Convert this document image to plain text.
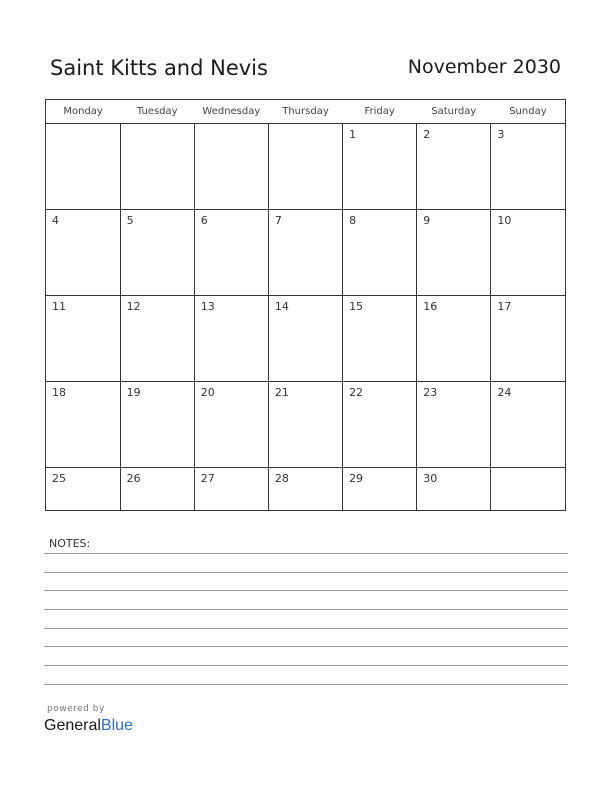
Saint Kitts and Nevis	November 2030
Monday	Tuesday	Wednesday	Thursday	Friday	Saturday	Sunday

				1	2	3

4	5	6	7	8	9	10

11	12	13	14	15	16	17

18	19	20	21	22	23	24

25	26	27	28	29	30	

NOTES:
powered by
GeneralBlue
